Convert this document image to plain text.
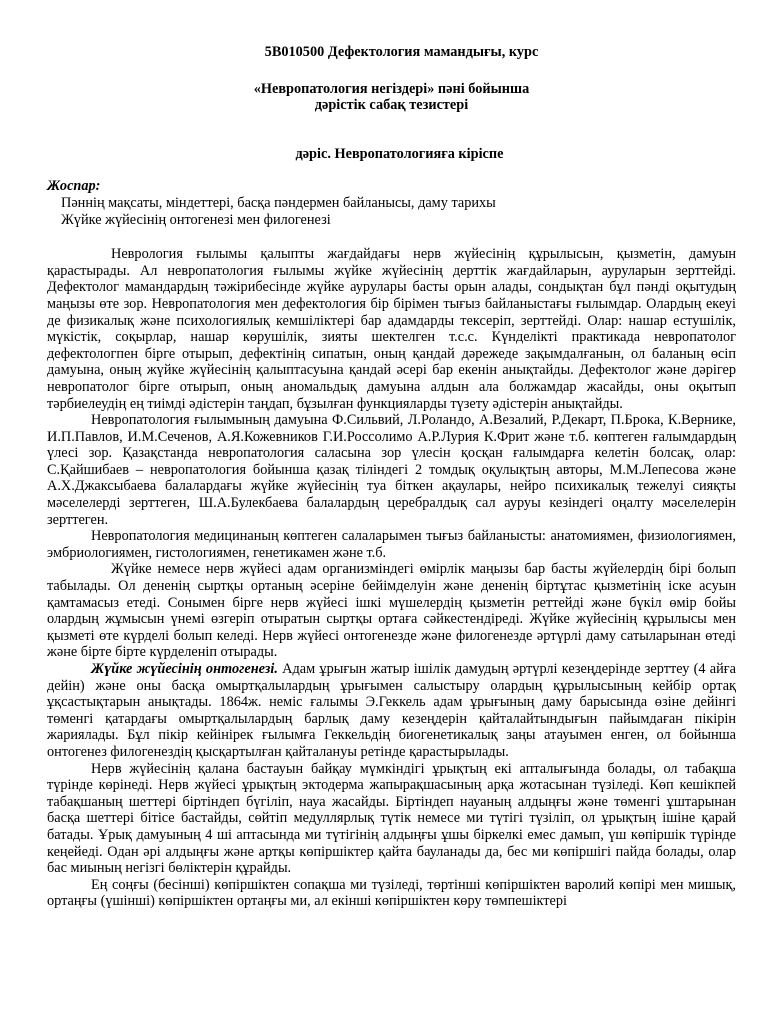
5В010500 Дефектология мамандығы, курс
«Невропатология негіздері» пәні бойынша
дәрістік сабақ тезистері
дәріс. Невропатологияға кіріспе
Жоспар:
Пәннің мақсаты, міндеттері, басқа пәндермен байланысы, даму тарихы
Жүйке жүйесінің онтогенезі мен филогенезі

Неврология ғылымы қалыпты жағдайдағы нерв жүйесінің құрылысын, қызметін, дамуын қарастырады. Ал невропатология ғылымы жүйке жүйесінің дерттік жағдайларын, ауруларын зерттейді. Дефектолог мамандардың тәжірибесінде жүйке аурулары басты орын алады, сондықтан бұл пәнді оқытудың маңызы өте зор. Невропатология мен дефектология бір бірімен тығыз байланыстағы ғылымдар. Олардың екеуі де физикалық және психологиялық кемшіліктері бар адамдарды тексеріп, зерттейді. Олар: нашар естушілік, мүкістік, соқырлар, нашар көрушілік, зияты шектелген т.с.с. Күнделікті практикада невропатолог дефектологпен бірге отырып, дефектінің сипатын, оның қандай дәрежеде зақымдалғанын, ол баланың өсіп дамуына, оның жүйке жүйесінің қалыптасуына қандай әсері бар екенін анықтайды. Дефектолог және дәрігер невропатолог бірге отырып, оның аномальдық дамуына алдын ала болжамдар жасайды, оны оқытып тәрбиелеудің ең тиімді әдістерін таңдап, бұзылған функцияларды түзету әдістерін анықтайды.

Невропатология ғылымының дамуына Ф.Сильвий, Л.Роландо, А.Везалий, Р.Декарт, П.Брока, К.Вернике, И.П.Павлов, И.М.Сеченов, А.Я.Кожевников Г.И.Россолимо А.Р.Лурия К.Фрит және т.б. көптеген ғалымдардың үлесі зор. Қазақстанда невропатология саласына зор үлесін қосқан ғалымдарға келетін болсақ, олар: С.Қайшибаев – невропатология бойынша қазақ тіліндегі 2 томдық оқулықтың авторы, М.М.Лепесова және А.Х.Джаксыбаева балалардағы жүйке жүйесінің туа біткен ақаулары, нейро психикалық тежелуі сияқты мәселелерді зерттеген, Ш.А.Булекбаева балалардың церебралдық сал ауруы кезіндегі оңалту мәселелерін зерттеген.

Невропатология медицинаның көптеген салаларымен тығыз байланысты: анатомиямен, физиологиямен, эмбриологиямен, гистологиямен, генетикамен және т.б.

Жүйке немесе нерв жүйесі адам организміндегі өмірлік маңызы бар басты жүйелердің бірі болып табылады. Ол дененің сыртқы ортаның әсеріне бейімделуін және дененің біртұтас қызметінің іске асуын қамтамасыз етеді. Сонымен бірге нерв жүйесі ішкі мүшелердің қызметін реттейді және бүкіл өмір бойы олардың жұмысын үнемі өзгеріп отыратын сыртқы ортаға сәйкестендіреді. Жүйке жүйесінің құрылысы мен қызметі өте күрделі болып келеді. Нерв жүйесі онтогенезде және филогенезде әртүрлі даму сатыларынан өтеді және бірте бірте күрделеніп отырады.

Жүйке жүйесінің онтогенезі. Адам ұрығын жатыр ішілік дамудың әртүрлі кезеңдерінде зерттеу (4 айға дейін) және оны басқа омыртқалылардың ұрығымен салыстыру олардың құрылысының кейбір ортақ ұқсастықтарын анықтады. 1864ж. неміс ғалымы Э.Геккель адам ұрығының даму барысында өзіне дейінгі төменгі қатардағы омыртқалылардың барлық даму кезеңдерін қайталайтындығын пайымдаған пікірін жариялады. Бұл пікір кейінірек ғылымға Геккельдің биогенетикалық заңы атауымен енген, ол бойынша онтогенез филогенездің қысқартылған қайталануы ретінде қарастырылады.

Нерв жүйесінің қалана бастауын байқау мүмкіндігі ұрықтың екі апталығында болады, ол табақша түрінде көрінеді. Нерв жүйесі ұрықтың эктодерма жапырақшасының арқа жотасынан түзіледі. Көп кешікпей табақшаның шеттері біртіндеп бүгіліп, науа жасайды. Біртіндеп науаның алдыңғы және төменгі ұштарынан басқа шеттері бітісе бастайды, сөйтіп медуллярлық түтік немесе ми түтігі түзіліп, ол ұрықтың ішіне қарай батады. Ұрық дамуының 4 ші аптасында ми түтігінің алдыңғы ұшы біркелкі емес дамып, үш көпіршік түрінде кеңейеді. Одан әрі алдыңғы және артқы көпіршіктер қайта бауланады да, бес ми көпіршігі пайда болады, олар бас миының негізгі бөліктерін құрайды.

Ең соңғы (бесінші) көпіршіктен сопақша ми түзіледі, төртінші көпіршіктен варолий көпірі мен мишық, ортаңғы (үшінші) көпіршіктен ортаңғы ми, ал екінші көпіршіктен көру төмпешіктері
